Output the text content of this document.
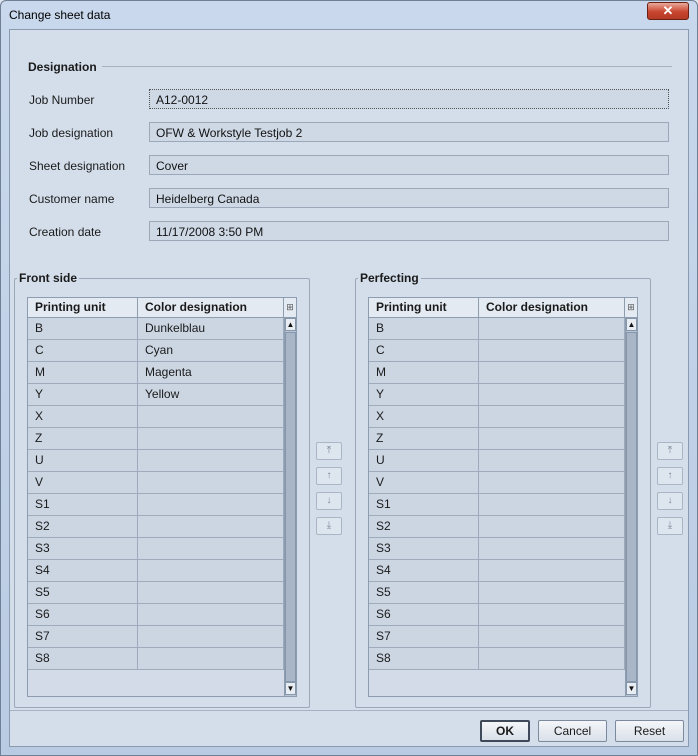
Change sheet data	✕
Designation
Job Number	A12-0012
Job designation	OFW & Workstyle Testjob 2
Sheet designation	Cover
Customer name	Heidelberg Canada
Creation date	11/17/2008 3:50 PM
Front side
Printing unit	Color designation	⊞
B	Dunkelblau
C	Cyan
M	Magenta
Y	Yellow
X
Z
U
V
S1
S2
S3
S4
S5
S6
S7
S8
▲
▼
⤒
↑
↓
⤓
Perfecting
Printing unit	Color designation	⊞
B
C
M
Y
X
Z
U
V
S1
S2
S3
S4
S5
S6
S7
S8
▲
▼
⤒
↑
↓
⤓
OK	Cancel	Reset
